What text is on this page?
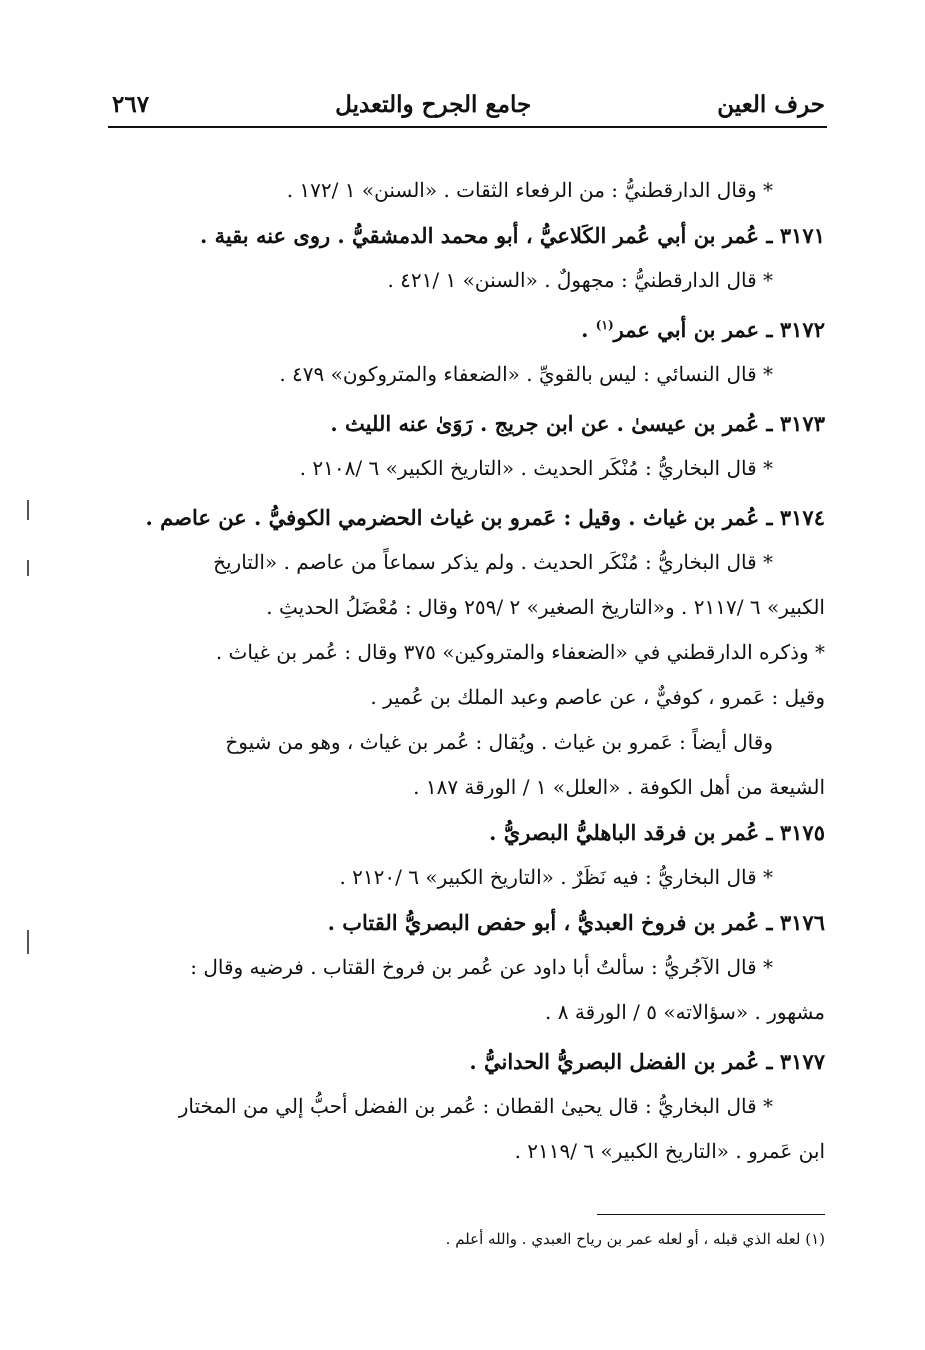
حرف العين
جامع الجرح والتعديل
٢٦٧
* وقال الدارقطنيُّ : من الرفعاء الثقات . «السنن» ١ /١٧٢ .
٣١٧١ ـ عُمر بن أبي عُمر الكَلاعيُّ ، أبو محمد الدمشقيُّ . روى عنه بقية .
* قال الدارقطنيُّ : مجهولٌ . «السنن» ١ /٤٢١ .
٣١٧٢ ـ عمر بن أبي عمر$^{(١)}$ .
* قال النسائي : ليس بالقويِّ . «الضعفاء والمتروكون» ٤٧٩ .
٣١٧٣ ـ عُمر بن عيسىٰ . عن ابن جريج . رَوَىٰ عنه الليث .
* قال البخاريُّ : مُنْكَر الحديث . «التاريخ الكبير» ٦ /٢١٠٨ .
٣١٧٤ ـ عُمر بن غياث . وقيل : عَمرو بن غياث الحضرمي الكوفيُّ . عن عاصم .
* قال البخاريُّ : مُنْكَر الحديث . ولم يذكر سماعاً من عاصم . «التاريخ
الكبير» ٦ /٢١١٧ . و«التاريخ الصغير» ٢ /٢٥٩ وقال : مُعْضَلُ الحديثِ .
* وذكره الدارقطني في «الضعفاء والمتروكين» ٣٧٥ وقال : عُمر بن غياث .
وقيل : عَمرو ، كوفيٌّ ، عن عاصم وعبد الملك بن عُمير .
وقال أيضاً : عَمرو بن غياث . ويُقال : عُمر بن غياث ، وهو من شيوخ
الشيعة من أهل الكوفة . «العلل» ١ / الورقة ١٨٧ .
٣١٧٥ ـ عُمر بن فرقد الباهليُّ البصريُّ .
* قال البخاريُّ : فيه نَظَرٌ . «التاريخ الكبير» ٦ /٢١٢٠ .
٣١٧٦ ـ عُمر بن فروخ العبديُّ ، أبو حفص البصريُّ القتاب .
* قال الآجُريُّ : سألتُ أبا داود عن عُمر بن فروخ القتاب . فرضيه وقال :
مشهور . «سؤالاته» ٥ / الورقة ٨ .
٣١٧٧ ـ عُمر بن الفضل البصريُّ الحدانيُّ .
* قال البخاريُّ : قال يحيىٰ القطان : عُمر بن الفضل أحبُّ إلي من المختار
ابن عَمرو . «التاريخ الكبير» ٦ /٢١١٩ .
(١) لعله الذي قبله ، أو لعله عمر بن رياح العبدي . والله أعلم .
